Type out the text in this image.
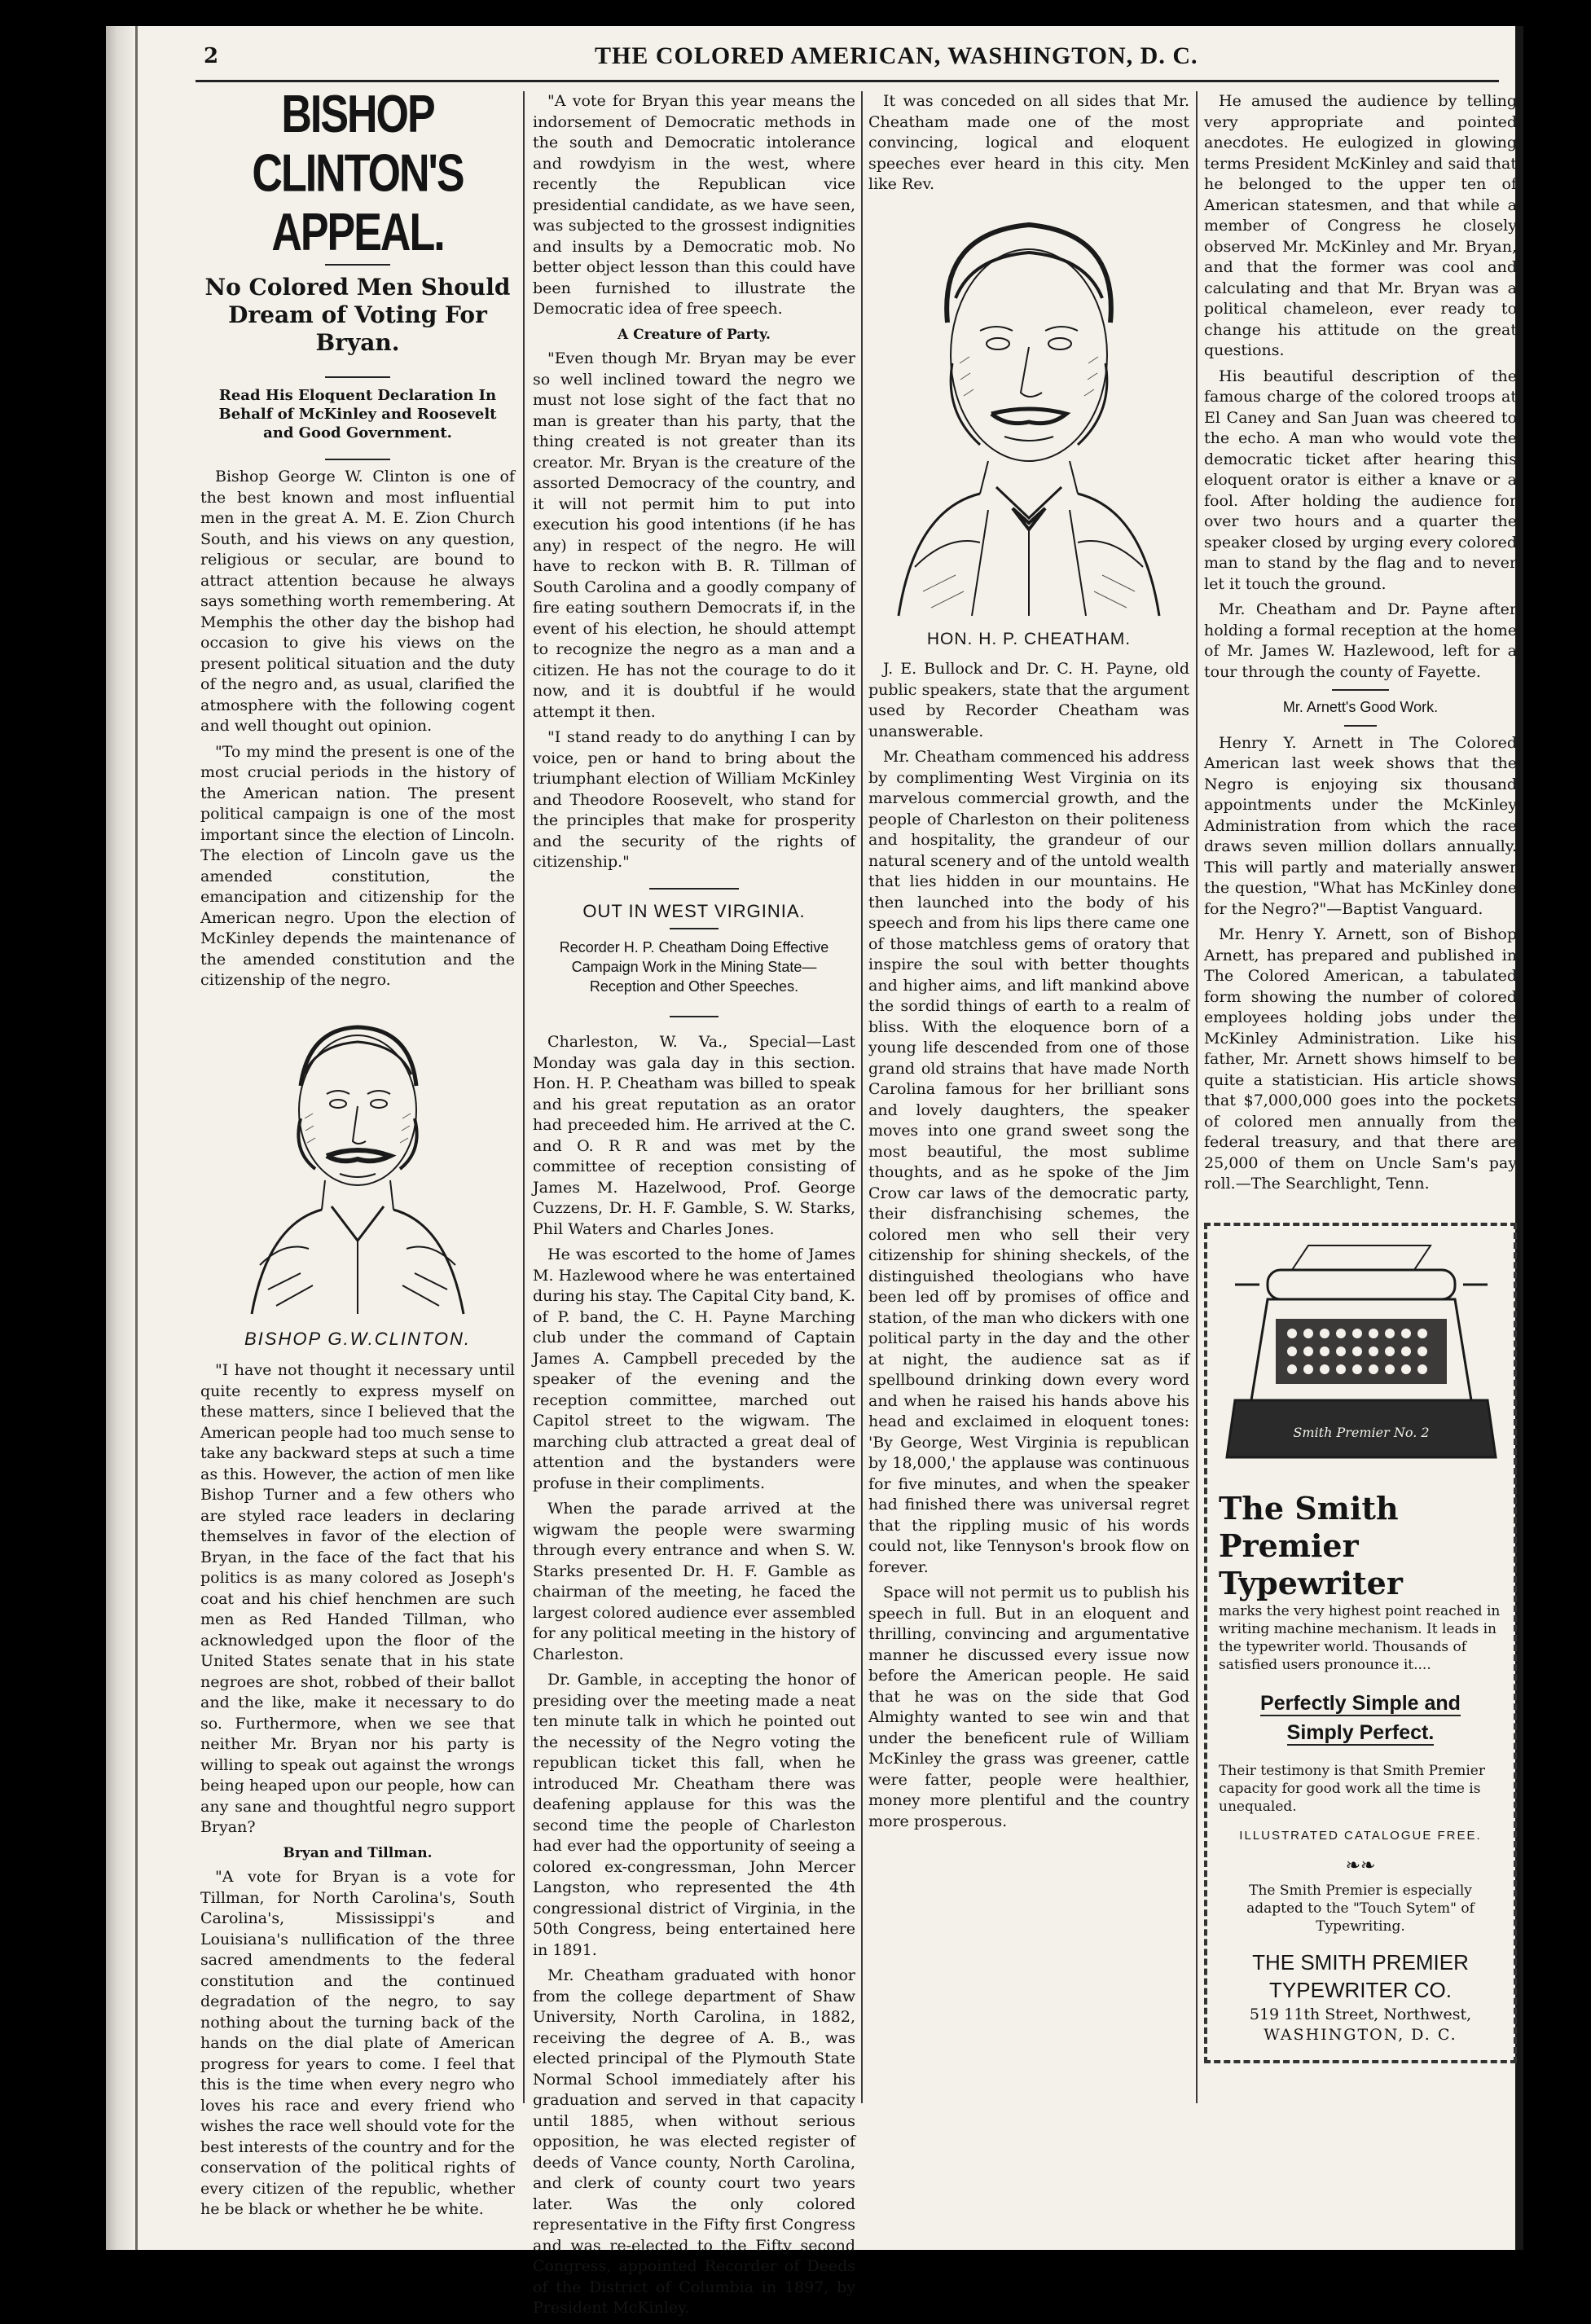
2	THE COLORED AMERICAN, WASHINGTON, D. C.
BISHOP CLINTON'S APPEAL.
No Colored Men Should Dream of Voting For Bryan.
Read His Eloquent Declaration In Behalf of McKinley and Roosevelt and Good Government.

Bishop George W. Clinton is one of the best known and most influential men in the great A. M. E. Zion Church South, and his views on any question, religious or secular, are bound to attract attention because he always says something worth remembering. At Memphis the other day the bishop had occasion to give his views on the present political situation and the duty of the negro and, as usual, clarified the atmosphere with the following cogent and well thought out opinion.

"To my mind the present is one of the most crucial periods in the history of the American nation. The present political campaign is one of the most important since the election of Lincoln. The election of Lincoln gave us the amended constitution, the emancipation and citizenship for the American negro. Upon the election of McKinley depends the maintenance of the amended constitution and the citizenship of the negro.

BISHOP G.W.CLINTON.

"I have not thought it necessary until quite recently to express myself on these matters, since I believed that the American people had too much sense to take any backward steps at such a time as this. However, the action of men like Bishop Turner and a few others who are styled race leaders in declaring themselves in favor of the election of Bryan, in the face of the fact that his politics is as many colored as Joseph's coat and his chief henchmen are such men as Red Handed Tillman, who acknowledged upon the floor of the United States senate that in his state negroes are shot, robbed of their ballot and the like, make it necessary to do so. Furthermore, when we see that neither Mr. Bryan nor his party is willing to speak out against the wrongs being heaped upon our people, how can any sane and thoughtful negro support Bryan?

Bryan and Tillman.

"A vote for Bryan is a vote for Tillman, for North Carolina's, South Carolina's, Mississippi's and Louisiana's nullification of the three sacred amendments to the federal constitution and the continued degradation of the negro, to say nothing about the turning back of the hands on the dial plate of American progress for years to come. I feel that this is the time when every negro who loves his race and every friend who wishes the race well should vote for the best interests of the country and for the conservation of the political rights of every citizen of the republic, whether he be black or whether he be white.

"A vote for Bryan this year means the indorsement of Democratic methods in the south and Democratic intolerance and rowdyism in the west, where recently the Republican vice presidential candidate, as we have seen, was subjected to the grossest indignities and insults by a Democratic mob. No better object lesson than this could have been furnished to illustrate the Democratic idea of free speech.

A Creature of Party.

"Even though Mr. Bryan may be ever so well inclined toward the negro we must not lose sight of the fact that no man is greater than his party, that the thing created is not greater than its creator. Mr. Bryan is the creature of the assorted Democracy of the country, and it will not permit him to put into execution his good intentions (if he has any) in respect of the negro. He will have to reckon with B. R. Tillman of South Carolina and a goodly company of fire eating southern Democrats if, in the event of his election, he should attempt to recognize the negro as a man and a citizen. He has not the courage to do it now, and it is doubtful if he would attempt it then.

"I stand ready to do anything I can by voice, pen or hand to bring about the triumphant election of William McKinley and Theodore Roosevelt, who stand for the principles that make for prosperity and the security of the rights of citizenship."

OUT IN WEST VIRGINIA.
Recorder H. P. Cheatham Doing Effective Campaign Work in the Mining State—Reception and Other Speeches.

Charleston, W. Va., Special—Last Monday was gala day in this section. Hon. H. P. Cheatham was billed to speak and his great reputation as an orator had preceeded him. He arrived at the C. and O. R R and was met by the committee of reception consisting of James M. Hazelwood, Prof. George Cuzzens, Dr. H. F. Gamble, S. W. Starks, Phil Waters and Charles Jones.

He was escorted to the home of James M. Hazlewood where he was entertained during his stay. The Capital City band, K. of P. band, the C. H. Payne Marching club under the command of Captain James A. Campbell preceded by the speaker of the evening and the reception committee, marched out Capitol street to the wigwam. The marching club attracted a great deal of attention and the bystanders were profuse in their compliments.

When the parade arrived at the wigwam the people were swarming through every entrance and when S. W. Starks presented Dr. H. F. Gamble as chairman of the meeting, he faced the largest colored audience ever assembled for any political meeting in the history of Charleston.

Dr. Gamble, in accepting the honor of presiding over the meeting made a neat ten minute talk in which he pointed out the necessity of the Negro voting the republican ticket this fall, when he introduced Mr. Cheatham there was deafening applause for this was the second time the people of Charleston had ever had the opportunity of seeing a colored ex-congressman, John Mercer Langston, who represented the 4th congressional district of Virginia, in the 50th Congress, being entertained here in 1891.

Mr. Cheatham graduated with honor from the college department of Shaw University, North Carolina, in 1882, receiving the degree of A. B., was elected principal of the Plymouth State Normal School immediately after his graduation and served in that capacity until 1885, when without serious opposition, he was elected register of deeds of Vance county, North Carolina, and clerk of county court two years later. Was the only colored representative in the Fifty first Congress and was re-elected to the Fifty second Congress, appointed Recorder of Deeds of the District of Columbia in 1897, by President McKinley.

It was conceded on all sides that Mr. Cheatham made one of the most convincing, logical and eloquent speeches ever heard in this city. Men like Rev.

HON. H. P. CHEATHAM.

J. E. Bullock and Dr. C. H. Payne, old public speakers, state that the argument used by Recorder Cheatham was unanswerable.

Mr. Cheatham commenced his address by complimenting West Virginia on its marvelous commercial growth, and the people of Charleston on their politeness and hospitality, the grandeur of our natural scenery and of the untold wealth that lies hidden in our mountains. He then launched into the body of his speech and from his lips there came one of those matchless gems of oratory that inspire the soul with better thoughts and higher aims, and lift mankind above the sordid things of earth to a realm of bliss. With the eloquence born of a young life descended from one of those grand old strains that have made North Carolina famous for her brilliant sons and lovely daughters, the speaker moves into one grand sweet song the most beautiful, the most sublime thoughts, and as he spoke of the Jim Crow car laws of the democratic party, their disfranchising schemes, the colored men who sell their very citizenship for shining sheckels, of the distinguished theologians who have been led off by promises of office and station, of the man who dickers with one political party in the day and the other at night, the audience sat as if spellbound drinking down every word and when he raised his hands above his head and exclaimed in eloquent tones: 'By George, West Virginia is republican by 18,000,' the applause was continuous for five minutes, and when the speaker had finished there was universal regret that the rippling music of his words could not, like Tennyson's brook flow on forever.

Space will not permit us to publish his speech in full. But in an eloquent and thrilling, convincing and argumentative manner he discussed every issue now before the American people. He said that he was on the side that God Almighty wanted to see win and that under the beneficent rule of William McKinley the grass was greener, cattle were fatter, people were healthier, money more plentiful and the country more prosperous.

He amused the audience by telling very appropriate and pointed anecdotes. He eulogized in glowing terms President McKinley and said that he belonged to the upper ten of American statesmen, and that while a member of Congress he closely observed Mr. McKinley and Mr. Bryan, and that the former was cool and calculating and that Mr. Bryan was a political chameleon, ever ready to change his attitude on the great questions.

His beautiful description of the famous charge of the colored troops at El Caney and San Juan was cheered to the echo. A man who would vote the democratic ticket after hearing this eloquent orator is either a knave or a fool. After holding the audience for over two hours and a quarter the speaker closed by urging every colored man to stand by the flag and to never let it touch the ground.

Mr. Cheatham and Dr. Payne after holding a formal reception at the home of Mr. James W. Hazlewood, left for a tour through the county of Fayette.

Mr. Arnett's Good Work.

Henry Y. Arnett in The Colored American last week shows that the Negro is enjoying six thousand appointments under the McKinley Administration from which the race draws seven million dollars annually. This will partly and materially answer the question, "What has McKinley done for the Negro?"—Baptist Vanguard.

Mr. Henry Y. Arnett, son of Bishop Arnett, has prepared and published in The Colored American, a tabulated form showing the number of colored employees holding jobs under the McKinley Administration. Like his father, Mr. Arnett shows himself to be quite a statistician. His article shows that $7,000,000 goes into the pockets of colored men annually from the federal treasury, and that there are 25,000 of them on Uncle Sam's pay roll.—The Searchlight, Tenn.

Smith Premier No. 2
The Smith Premier
Typewriter
marks the very highest point reached in writing machine mechanism. It leads in the typewriter world. Thousands of satisfied users pronounce it....
Perfectly Simple and
Simply Perfect.
Their testimony is that Smith Premier capacity for good work all the time is unequaled.
ILLUSTRATED CATALOGUE FREE.
❧❧
The Smith Premier is especially adapted to the "Touch Sytem" of Typewriting.
THE SMITH PREMIER
TYPEWRITER CO.
519 11th Street, Northwest,
WASHINGTON, D. C.
